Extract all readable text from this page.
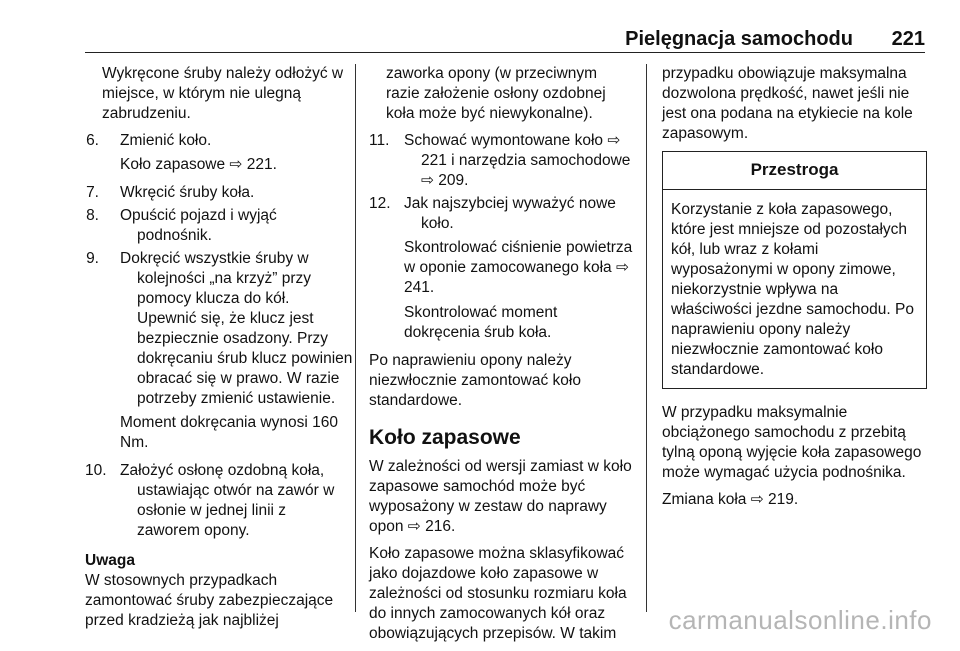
Pielęgnacja samochodu 221

Wykręcone śruby należy odłożyć w miejsce, w którym nie ulegną zabrudzeniu.

6. Zmienić koło.
Koło zapasowe ⇨ 221.
7. Wkręcić śruby koła.
8. Opuścić pojazd i wyjąć podnośnik.
9. Dokręcić wszystkie śruby w kolejności „na krzyż” przy pomocy klucza do kół. Upewnić się, że klucz jest bezpiecznie osadzony. Przy dokręcaniu śrub klucz powinien obracać się w prawo. W razie potrzeby zmienić ustawienie.
Moment dokręcania wynosi 160 Nm.
10. Założyć osłonę ozdobną koła, ustawiając otwór na zawór w osłonie w jednej linii z zaworem opony.
Uwaga

W stosownych przypadkach zamontować śruby zabezpieczające przed kradzieżą jak najbliżej

zaworka opony (w przeciwnym razie założenie osłony ozdobnej koła może być niewykonalne).

11. Schować wymontowane koło ⇨ 221 i narzędzia samochodowe ⇨ 209.
12. Jak najszybciej wyważyć nowe koło.
Skontrolować ciśnienie powietrza w oponie zamocowanego koła ⇨ 241.
Skontrolować moment dokręcenia śrub koła.

Po naprawieniu opony należy niezwłocznie zamontować koło standardowe.

Koło zapasowe

W zależności od wersji zamiast w koło zapasowe samochód może być wyposażony w zestaw do naprawy opon ⇨ 216.

Koło zapasowe można sklasyfikować jako dojazdowe koło zapasowe w zależności od stosunku rozmiaru koła do innych zamocowanych kół oraz obowiązujących przepisów. W takim

przypadku obowiązuje maksymalna dozwolona prędkość, nawet jeśli nie jest ona podana na etykiecie na kole zapasowym.

Przestroga
Korzystanie z koła zapasowego, które jest mniejsze od pozostałych kół, lub wraz z kołami wyposażonymi w opony zimowe, niekorzystnie wpływa na właściwości jezdne samochodu. Po naprawieniu opony należy niezwłocznie zamontować koło standardowe.

W przypadku maksymalnie obciążonego samochodu z przebitą tylną oponą wyjęcie koła zapasowego może wymagać użycia podnośnika.

Zmiana koła ⇨ 219.

carmanualsonline.info
